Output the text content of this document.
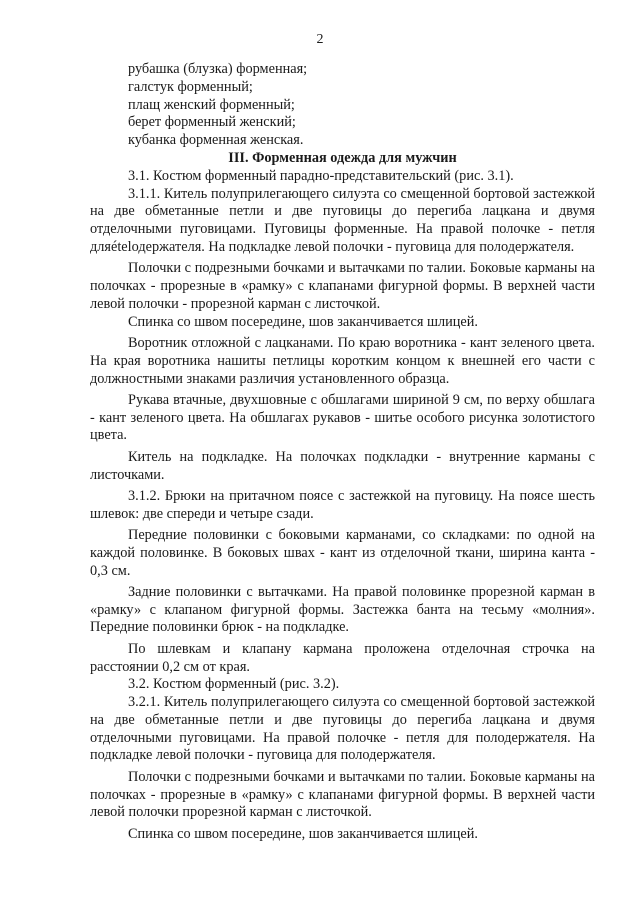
2

рубашка (блузка) форменная;

галстук форменный;

плащ женский форменный;

берет форменный женский;

кубанка форменная женская.

III. Форменная одежда для мужчин

3.1. Костюм форменный парадно-представительский (рис. 3.1).

3.1.1. Китель полуприлегающего силуэта со смещенной бортовой застежкой на две обметанные петли и две пуговицы до перегиба лацкана и двумя отделочными пуговицами. Пуговицы форменные. На правой полочке - петля дляételодержателя. На подкладке левой полочки - пуговица для полодержателя.

Полочки с подрезными бочками и вытачками по талии. Боковые карманы на полочках - прорезные в «рамку» с клапанами фигурной формы. В верхней части левой полочки - прорезной карман с листочкой.

Спинка со швом посередине, шов заканчивается шлицей.

Воротник отложной с лацканами. По краю воротника - кант зеленого цвета. На края воротника нашиты петлицы коротким концом к внешней его части с должностными знаками различия установленного образца.

Рукава втачные, двухшовные с обшлагами шириной 9 см, по верху обшлага - кант зеленого цвета. На обшлагах рукавов - шитье особого рисунка золотистого цвета.

Китель на подкладке. На полочках подкладки - внутренние карманы с листочками.

3.1.2. Брюки на притачном поясе с застежкой на пуговицу. На поясе шесть шлевок: две спереди и четыре сзади.

Передние половинки с боковыми карманами, со складками: по одной на каждой половинке. В боковых швах - кант из отделочной ткани, ширина канта - 0,3 см.

Задние половинки с вытачками. На правой половинке прорезной карман в «рамку» с клапаном фигурной формы. Застежка банта на тесьму «молния». Передние половинки брюк - на подкладке.

По шлевкам и клапану кармана проложена отделочная строчка на расстоянии 0,2 см от края.

3.2. Костюм форменный (рис. 3.2).

3.2.1. Китель полуприлегающего силуэта со смещенной бортовой застежкой на две обметанные петли и две пуговицы до перегиба лацкана и двумя отделочными пуговицами. На правой полочке - петля для полодержателя. На подкладке левой полочки - пуговица для полодержателя.

Полочки с подрезными бочками и вытачками по талии. Боковые карманы на полочках - прорезные в «рамку» с клапанами фигурной формы. В верхней части левой полочки прорезной карман с листочкой.

Спинка со швом посередине, шов заканчивается шлицей.
